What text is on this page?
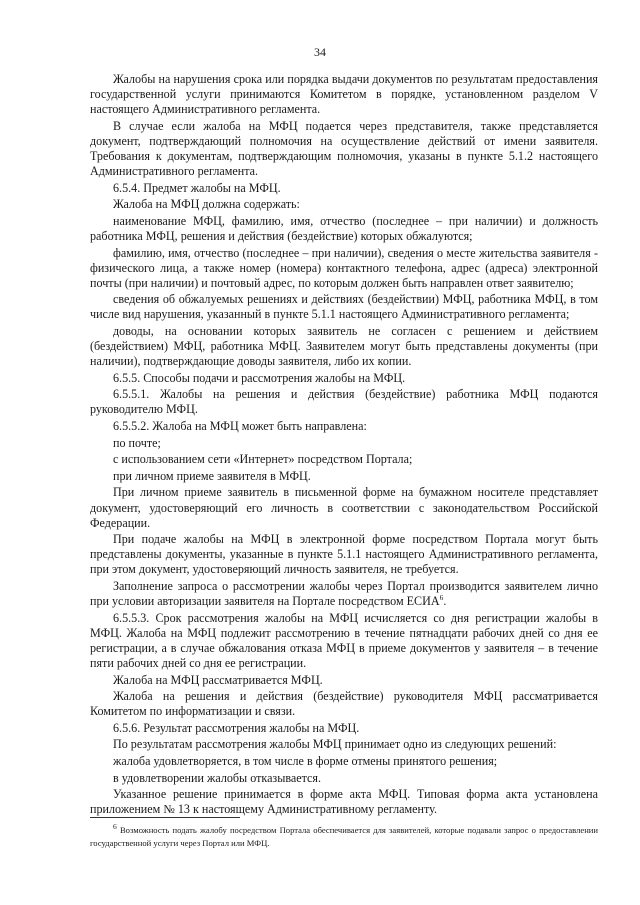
34

Жалобы на нарушения срока или порядка выдачи документов по результатам предоставления государственной услуги принимаются Комитетом в порядке, установленном разделом V настоящего Административного регламента.

В случае если жалоба на МФЦ подается через представителя, также представляется документ, подтверждающий полномочия на осуществление действий от имени заявителя. Требования к документам, подтверждающим полномочия, указаны в пункте 5.1.2 настоящего Административного регламента.

6.5.4. Предмет жалобы на МФЦ.

Жалоба на МФЦ должна содержать:

наименование МФЦ, фамилию, имя, отчество (последнее – при наличии) и должность работника МФЦ, решения и действия (бездействие) которых обжалуются;

фамилию, имя, отчество (последнее – при наличии), сведения о месте жительства заявителя - физического лица, а также номер (номера) контактного телефона, адрес (адреса) электронной почты (при наличии) и почтовый адрес, по которым должен быть направлен ответ заявителю;

сведения об обжалуемых решениях и действиях (бездействии) МФЦ, работника МФЦ, в том числе вид нарушения, указанный в пункте 5.1.1 настоящего Административного регламента;

доводы, на основании которых заявитель не согласен с решением и действием (бездействием) МФЦ, работника МФЦ. Заявителем могут быть представлены документы (при наличии), подтверждающие доводы заявителя, либо их копии.

6.5.5. Способы подачи и рассмотрения жалобы на МФЦ.

6.5.5.1. Жалобы на решения и действия (бездействие) работника МФЦ подаются руководителю МФЦ.

6.5.5.2. Жалоба на МФЦ может быть направлена:

по почте;

с использованием сети «Интернет» посредством Портала;

при личном приеме заявителя в МФЦ.

При личном приеме заявитель в письменной форме на бумажном носителе представляет документ, удостоверяющий его личность в соответствии с законодательством Российской Федерации.

При подаче жалобы на МФЦ в электронной форме посредством Портала могут быть представлены документы, указанные в пункте 5.1.1 настоящего Административного регламента, при этом документ, удостоверяющий личность заявителя, не требуется.

Заполнение запроса о рассмотрении жалобы через Портал производится заявителем лично при условии авторизации заявителя на Портале посредством ЕСИА$^6$.

6.5.5.3. Срок рассмотрения жалобы на МФЦ исчисляется со дня регистрации жалобы в МФЦ. Жалоба на МФЦ подлежит рассмотрению в течение пятнадцати рабочих дней со дня ее регистрации, а в случае обжалования отказа МФЦ в приеме документов у заявителя – в течение пяти рабочих дней со дня ее регистрации.

Жалоба на МФЦ рассматривается МФЦ.

Жалоба на решения и действия (бездействие) руководителя МФЦ рассматривается Комитетом по информатизации и связи.

6.5.6. Результат рассмотрения жалобы на МФЦ.

По результатам рассмотрения жалобы МФЦ принимает одно из следующих решений:

жалоба удовлетворяется, в том числе в форме отмены принятого решения;

в удовлетворении жалобы отказывается.

Указанное решение принимается в форме акта МФЦ. Типовая форма акта установлена приложением № 13 к настоящему Административному регламенту.

$^6$ Возможность подать жалобу посредством Портала обеспечивается для заявителей, которые подавали запрос о предоставлении государственной услуги через Портал или МФЦ.
